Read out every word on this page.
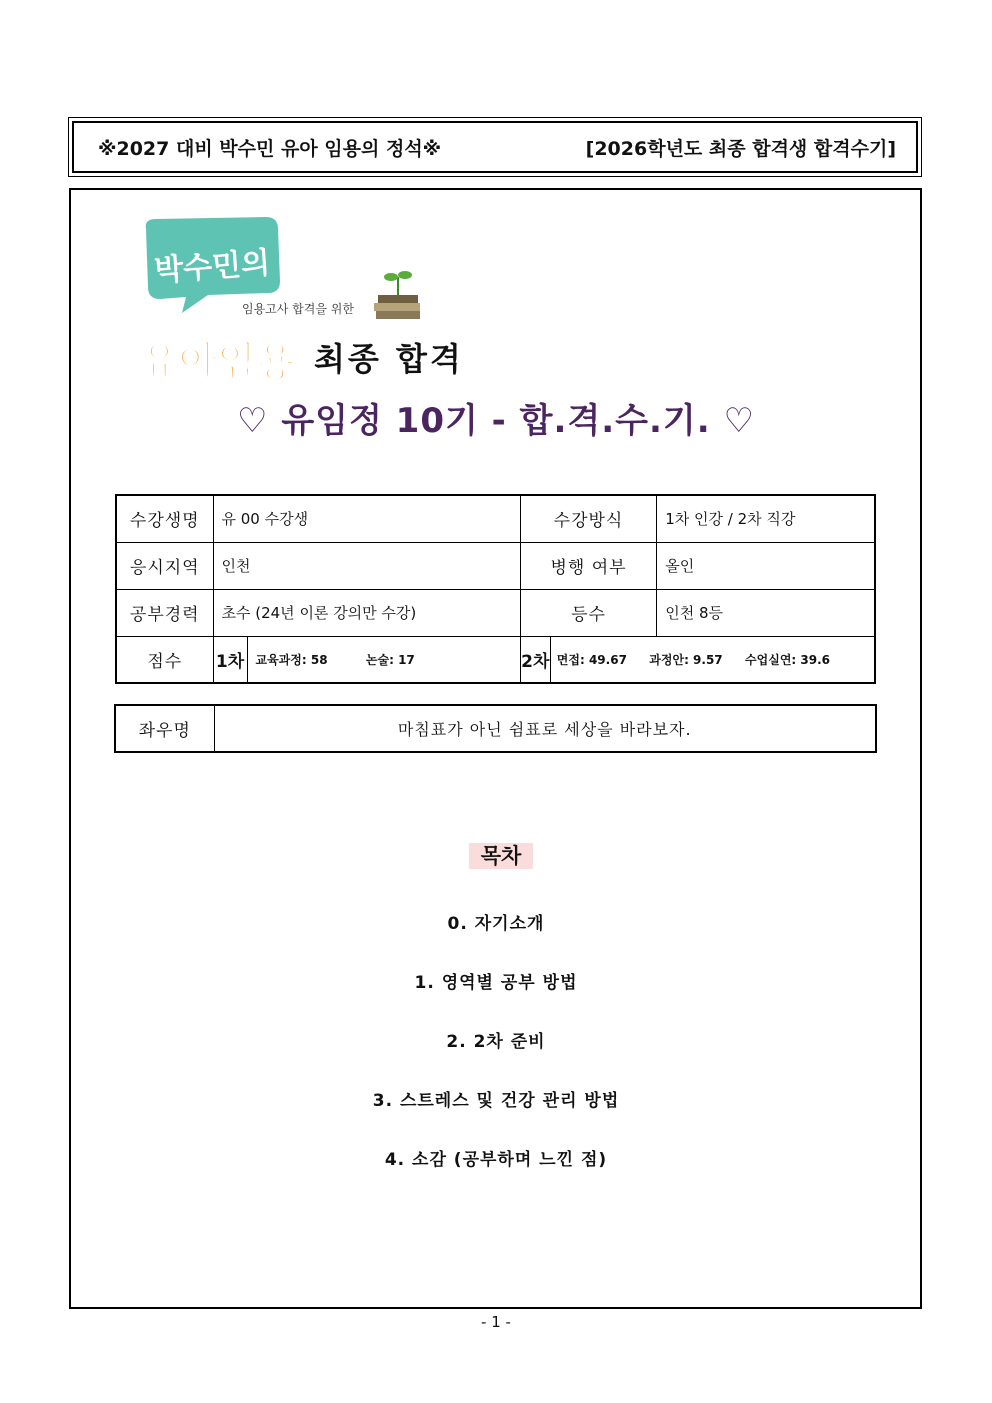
※2027 대비 박수민 유아 임용의 정석※	[2026학년도 최종 합격생 합격수기]
박수민의
임용고사 합격을 위한
유아임용 최종 합격
♡ 유임정 10기 - 합.격.수.기. ♡
수강생명	유 00 수강생		수강방식		1차 인강 / 2차 직강
응시지역	인천		병행 여부		올인
공부경력	초수 (24년 이론 강의만 수강)		등수		인천 8등
점수	1차	교육과정: 58 논술: 17	2차	면접: 49.67 과정안: 9.57 수업실연: 39.6	
좌우명	마침표가 아닌 쉼표로 세상을 바라보자.
목차
0. 자기소개
1. 영역별 공부 방법
2. 2차 준비
3. 스트레스 및 건강 관리 방법
4. 소감 (공부하며 느낀 점)
- 1 -
